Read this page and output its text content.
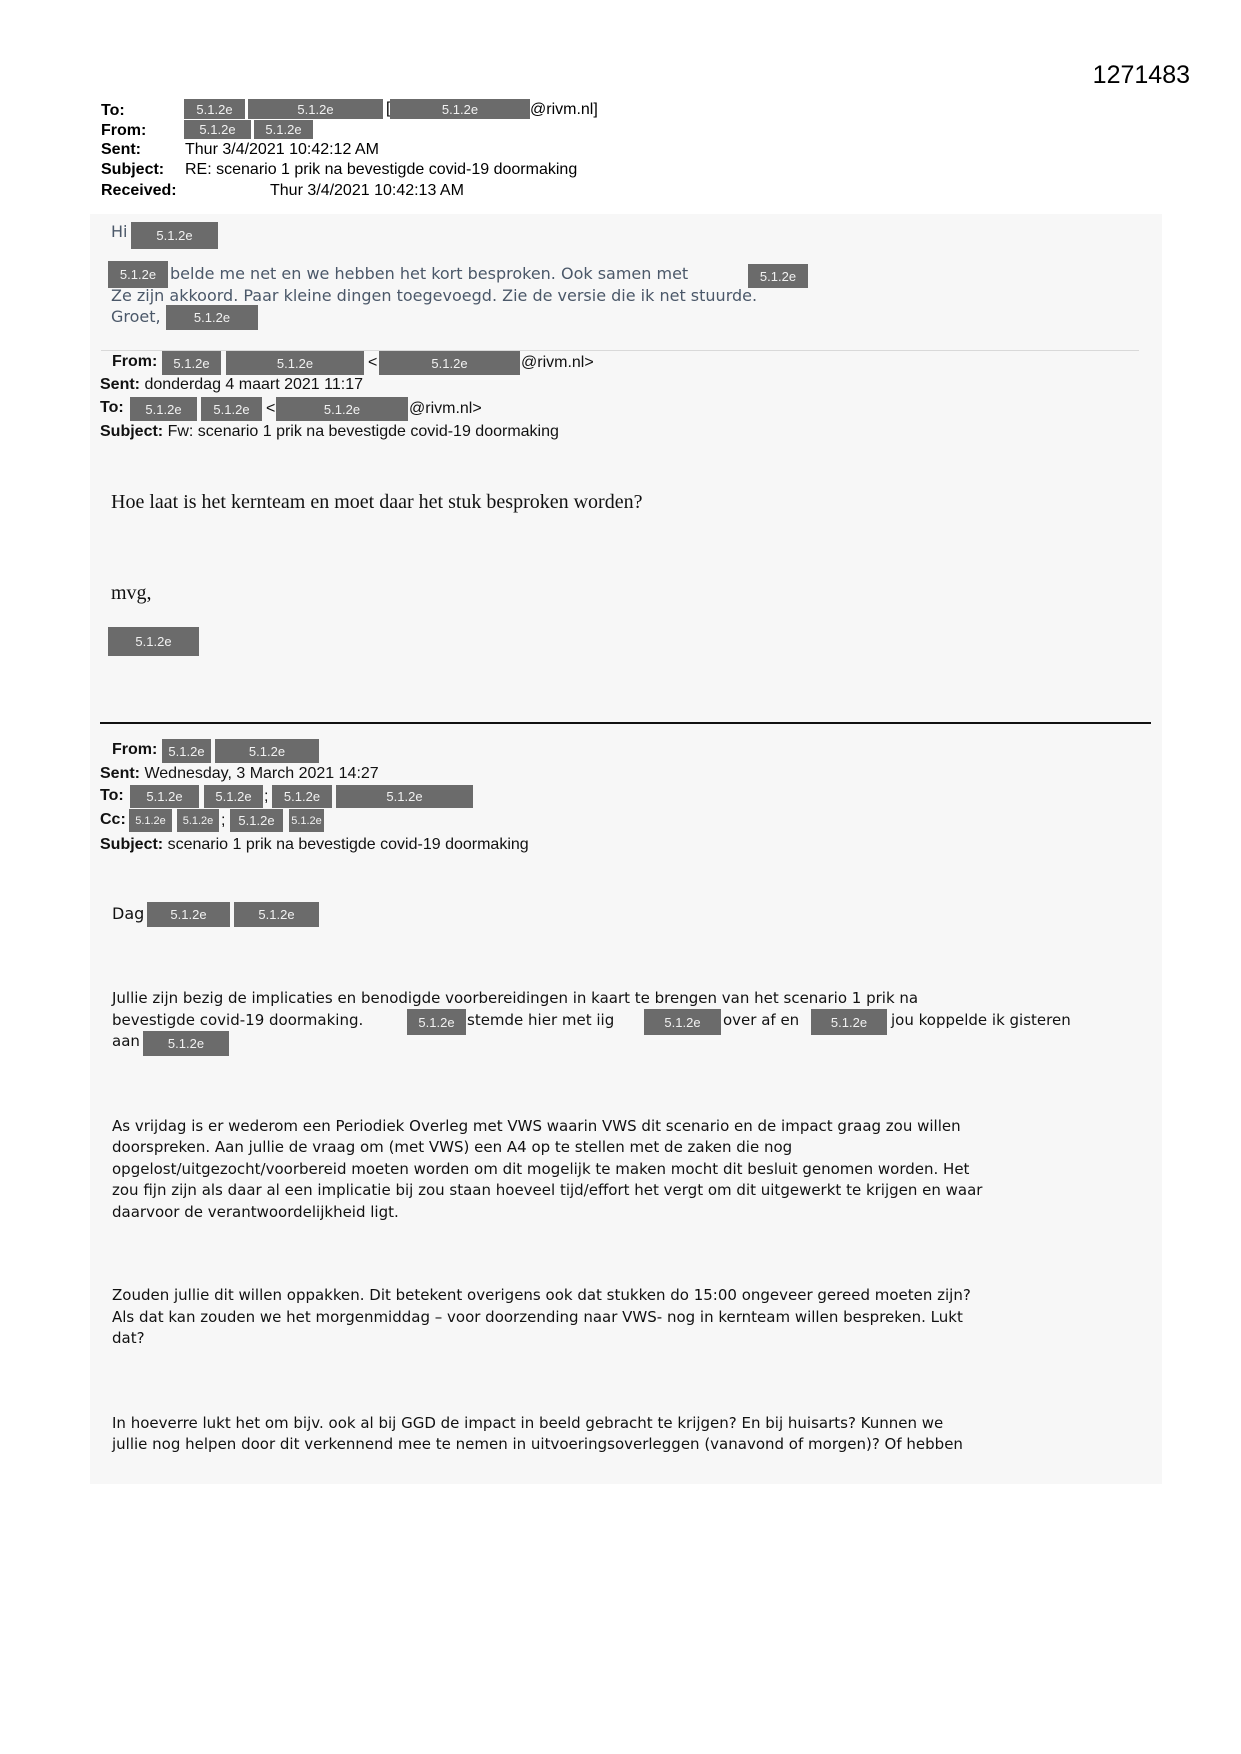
1271483
To:	5.1.2e	5.1.2e	[	5.1.2e	@rivm.nl]
From:	5.1.2e	5.1.2e
Sent:	Thur 3/4/2021 10:42:12 AM
Subject: RE: scenario 1 prik na bevestigde covid-19 doormaking
Received:	Thur 3/4/2021 10:42:13 AM
Hi	5.1.2e
5.1.2e belde me net en we hebben het kort besproken. Ook samen met	5.1.2e
Ze zijn akkoord. Paar kleine dingen toegevoegd. Zie de versie die ik net stuurde.
Groet,	5.1.2e
From:	5.1.2e	5.1.2e	<	5.1.2e	@rivm.nl>
Sent: donderdag 4 maart 2021 11:17
To:	5.1.2e	5.1.2e	<	5.1.2e	@rivm.nl>
Subject: Fw: scenario 1 prik na bevestigde covid-19 doormaking
Hoe laat is het kernteam en moet daar het stuk besproken worden?
mvg,
5.1.2e
From: 5.1.2e	5.1.2e
Sent: Wednesday, 3 March 2021 14:27
To:	5.1.2e	5.1.2e ;	5.1.2e	5.1.2e
Cc: 5.1.2e	5.1.2e ; 5.1.2e	5.1.2e
Subject: scenario 1 prik na bevestigde covid-19 doormaking
Dag	5.1.2e	5.1.2e
Jullie zijn bezig de implicaties en benodigde voorbereidingen in kaart te brengen van het scenario 1 prik na
bevestigde covid-19 doormaking.	5.1.2e stemde hier met iig	5.1.2e	over af en	5.1.2e	jou koppelde ik gisteren
aan	5.1.2e
As vrijdag is er wederom een Periodiek Overleg met VWS waarin VWS dit scenario en de impact graag zou willen
doorspreken. Aan jullie de vraag om (met VWS) een A4 op te stellen met de zaken die nog
opgelost/uitgezocht/voorbereid moeten worden om dit mogelijk te maken mocht dit besluit genomen worden. Het
zou fijn zijn als daar al een implicatie bij zou staan hoeveel tijd/effort het vergt om dit uitgewerkt te krijgen en waar
daarvoor de verantwoordelijkheid ligt.
Zouden jullie dit willen oppakken. Dit betekent overigens ook dat stukken do 15:00 ongeveer gereed moeten zijn?
Als dat kan zouden we het morgenmiddag – voor doorzending naar VWS- nog in kernteam willen bespreken. Lukt
dat?
In hoeverre lukt het om bijv. ook al bij GGD de impact in beeld gebracht te krijgen? En bij huisarts? Kunnen we
jullie nog helpen door dit verkennend mee te nemen in uitvoeringsoverleggen (vanavond of morgen)? Of hebben
